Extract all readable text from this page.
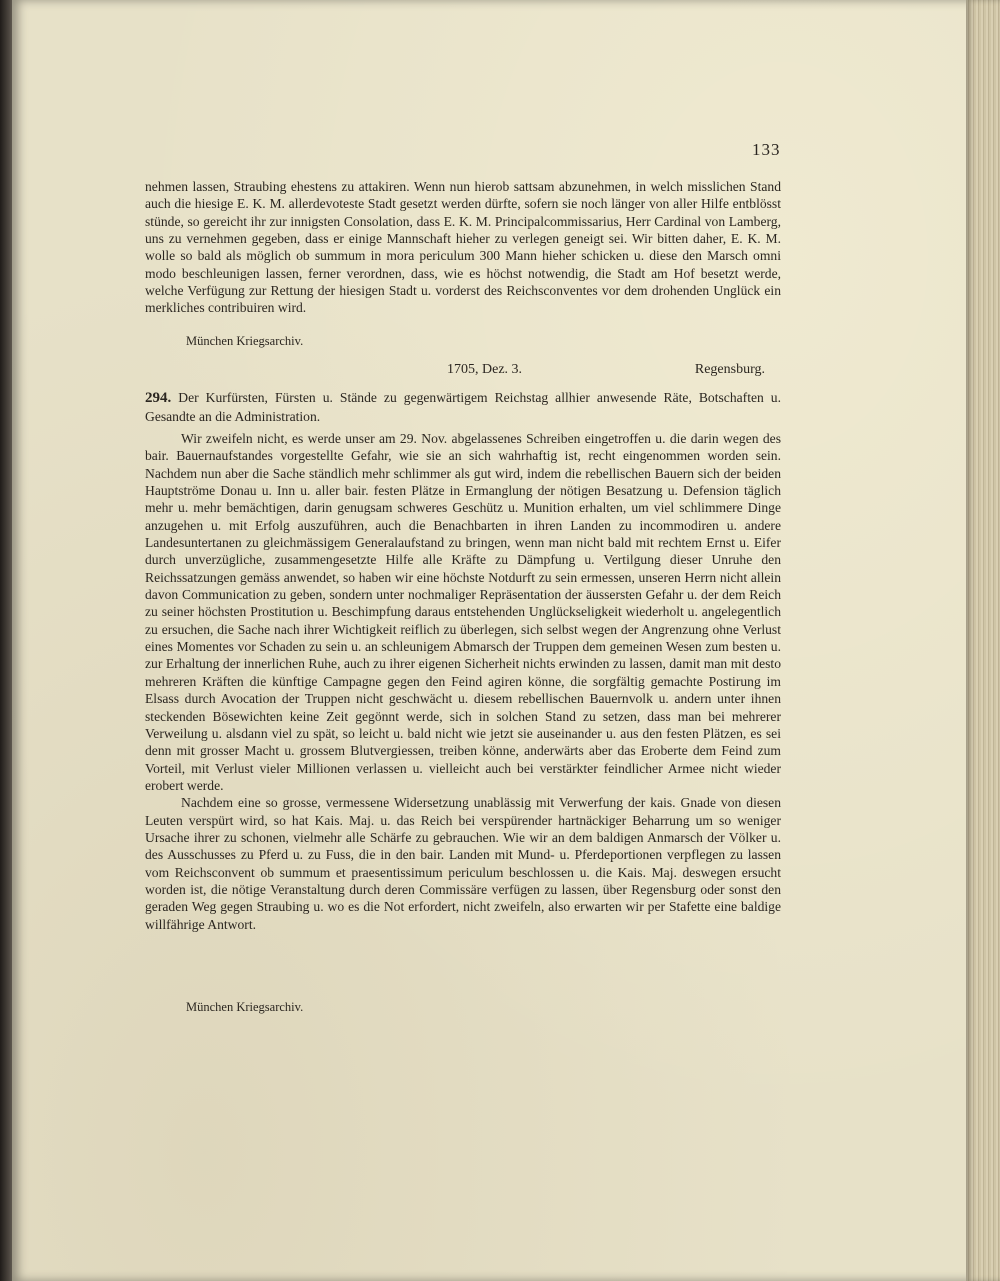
133

nehmen lassen, Straubing ehestens zu attakiren. Wenn nun hierob sattsam abzunehmen, in welch misslichen Stand auch die hiesige E. K. M. allerdevoteste Stadt gesetzt werden dürfte, sofern sie noch länger von aller Hilfe entblösst stünde, so gereicht ihr zur innigsten Consolation, dass E. K. M. Principalcommissarius, Herr Cardinal von Lamberg, uns zu vernehmen gegeben, dass er einige Mannschaft hieher zu verlegen geneigt sei. Wir bitten daher, E. K. M. wolle so bald als möglich ob summum in mora periculum 300 Mann hieher schicken u. diese den Marsch omni modo beschleunigen lassen, ferner verordnen, dass, wie es höchst notwendig, die Stadt am Hof besetzt werde, welche Verfügung zur Rettung der hiesigen Stadt u. vorderst des Reichsconventes vor dem drohenden Unglück ein merkliches contribuiren wird.

München Kriegsarchiv.
1705, Dez. 3.	Regensburg.
294. Der Kurfürsten, Fürsten u. Stände zu gegenwärtigem Reichstag allhier anwesende Räte, Botschaften u. Gesandte an die Administration.

Wir zweifeln nicht, es werde unser am 29. Nov. abgelassenes Schreiben eingetroffen u. die darin wegen des bair. Bauernaufstandes vorgestellte Gefahr, wie sie an sich wahrhaftig ist, recht eingenommen worden sein. Nachdem nun aber die Sache ständlich mehr schlimmer als gut wird, indem die rebellischen Bauern sich der beiden Hauptströme Donau u. Inn u. aller bair. festen Plätze in Ermanglung der nötigen Besatzung u. Defension täglich mehr u. mehr bemächtigen, darin genugsam schweres Geschütz u. Munition erhalten, um viel schlimmere Dinge anzugehen u. mit Erfolg auszuführen, auch die Benachbarten in ihren Landen zu incommodiren u. andere Landesuntertanen zu gleichmässigem Generalaufstand zu bringen, wenn man nicht bald mit rechtem Ernst u. Eifer durch unverzügliche, zusammengesetzte Hilfe alle Kräfte zu Dämpfung u. Vertilgung dieser Unruhe den Reichssatzungen gemäss anwendet, so haben wir eine höchste Notdurft zu sein ermessen, unseren Herrn nicht allein davon Communication zu geben, sondern unter nochmaliger Repräsentation der äussersten Gefahr u. der dem Reich zu seiner höchsten Prostitution u. Beschimpfung daraus entstehenden Unglückseligkeit wiederholt u. angelegentlich zu ersuchen, die Sache nach ihrer Wichtigkeit reiflich zu überlegen, sich selbst wegen der Angrenzung ohne Verlust eines Momentes vor Schaden zu sein u. an schleunigem Abmarsch der Truppen dem gemeinen Wesen zum besten u. zur Erhaltung der innerlichen Ruhe, auch zu ihrer eigenen Sicherheit nichts erwinden zu lassen, damit man mit desto mehreren Kräften die künftige Campagne gegen den Feind agiren könne, die sorgfältig gemachte Postirung im Elsass durch Avocation der Truppen nicht geschwächt u. diesem rebellischen Bauernvolk u. andern unter ihnen steckenden Bösewichten keine Zeit gegönnt werde, sich in solchen Stand zu setzen, dass man bei mehrerer Verweilung u. alsdann viel zu spät, so leicht u. bald nicht wie jetzt sie auseinander u. aus den festen Plätzen, es sei denn mit grosser Macht u. grossem Blutvergiessen, treiben könne, anderwärts aber das Eroberte dem Feind zum Vorteil, mit Verlust vieler Millionen verlassen u. vielleicht auch bei verstärkter feindlicher Armee nicht wieder erobert werde.

Nachdem eine so grosse, vermessene Widersetzung unablässig mit Verwerfung der kais. Gnade von diesen Leuten verspürt wird, so hat Kais. Maj. u. das Reich bei verspürender hartnäckiger Beharrung um so weniger Ursache ihrer zu schonen, vielmehr alle Schärfe zu gebrauchen. Wie wir an dem baldigen Anmarsch der Völker u. des Ausschusses zu Pferd u. zu Fuss, die in den bair. Landen mit Mund- u. Pferdeportionen verpflegen zu lassen vom Reichsconvent ob summum et praesentissimum periculum beschlossen u. die Kais. Maj. deswegen ersucht worden ist, die nötige Veranstaltung durch deren Commissäre verfügen zu lassen, über Regensburg oder sonst den geraden Weg gegen Straubing u. wo es die Not erfordert, nicht zweifeln, also erwarten wir per Stafette eine baldige willfährige Antwort.

München Kriegsarchiv.
